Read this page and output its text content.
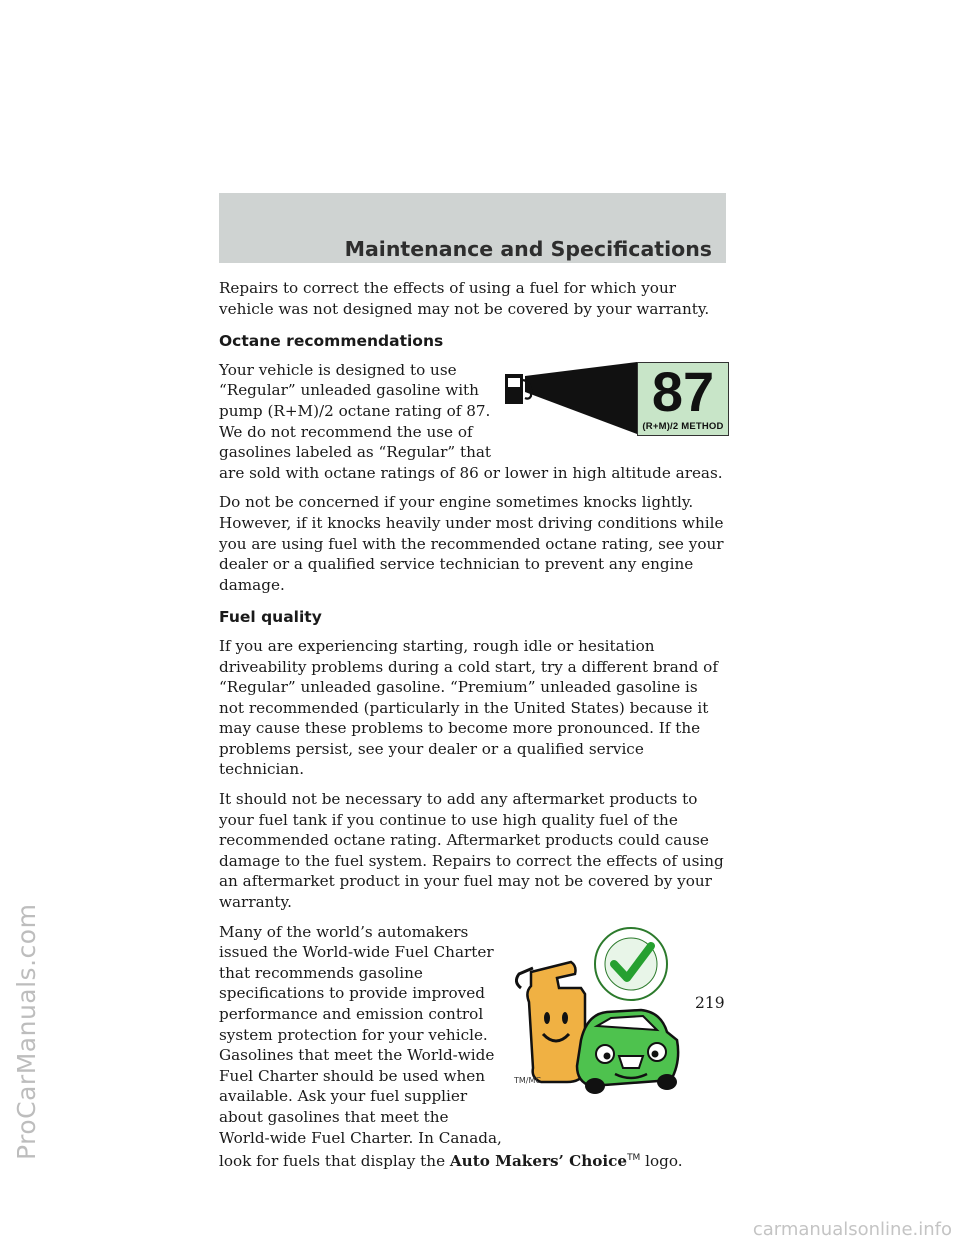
ProCarManuals.com
Maintenance and Specifications

Repairs to correct the effects of using a fuel for which your vehicle was not designed may not be covered by your warranty.

Octane recommendations
87
(R+M)/2 METHOD

Your vehicle is designed to use
“Regular” unleaded gasoline with
pump (R+M)/2 octane rating of 87.
We do not recommend the use of
gasolines labeled as “Regular” that
are sold with octane ratings of 86 or lower in high altitude areas.

Do not be concerned if your engine sometimes knocks lightly. However, if it knocks heavily under most driving conditions while you are using fuel with the recommended octane rating, see your dealer or a qualified service technician to prevent any engine damage.

Fuel quality

If you are experiencing starting, rough idle or hesitation driveability problems during a cold start, try a different brand of “Regular” unleaded gasoline. “Premium” unleaded gasoline is not recommended (particularly in the United States) because it may cause these problems to become more pronounced. If the problems persist, see your dealer or a qualified service technician.

It should not be necessary to add any aftermarket products to your fuel tank if you continue to use high quality fuel of the recommended octane rating. Aftermarket products could cause damage to the fuel system. Repairs to correct the effects of using an aftermarket product in your fuel may not be covered by your warranty.

TM/MC

Many of the world’s automakers
issued the World-wide Fuel Charter
that recommends gasoline
specifications to provide improved
performance and emission control
system protection for your vehicle.
Gasolines that meet the World-wide
Fuel Charter should be used when
available. Ask your fuel supplier
about gasolines that meet the
World-wide Fuel Charter. In Canada,
look for fuels that display the Auto Makers’ Choice™ logo.

219
carmanualsonline.info
